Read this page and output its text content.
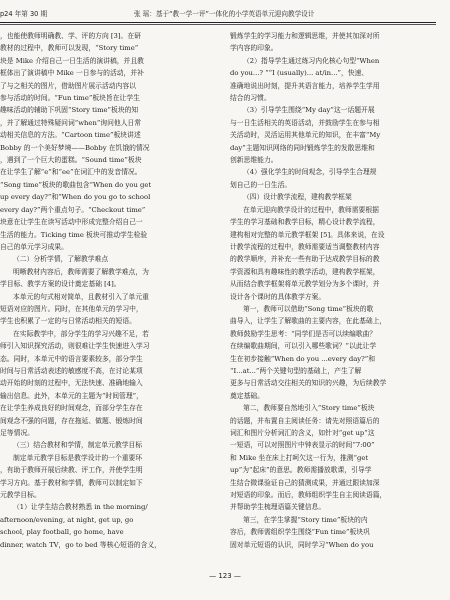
p24 年第 30 期	张 瑶：基于“教一学一评”一体化的小学英语单元迎向教学设计

，也能使教师明确教、学、评的方向 [3]。在研

教材的过程中，教师可以发现，“Story time”

块是 Mike 介绍自己一日生活的演讲稿，并且教

框体出了演讲稿中 Mike 一日参与的活动，并补

了与之相关的图片，借助图片展示活动内容以

参与活动的时间。“Fun time”板块旨在让学生

趣味活动的辅助下巩固“Story time”板块的知

，并了解通过特殊疑问词“when”询问他人日常

动相关信息的方法。“Cartoon time”板块讲述

Bobby 的一个美好梦境——Bobby 在饥饿的情况

，遇到了一个巨大的蛋糕。“Sound time”板块

在让学生了解“e”和“ee”在词汇中的发音情况。

“Song time”板块的歌曲包含“When do you get

up every day?”和“When do you go to school

every day?”两个重点句子。“Checkout time”

块意在让学生在读写活动中形成完整介绍自己一

生活的能力。Ticking time 板块可推动学生检验

自己的单元学习成果。

（二）分析学情，了解教学难点

明晰教材内容后，教师需要了解教学难点，为

学目标、教学方案的设计奠定基础 [4]。

本单元的句式相对简单，且教材引入了单元重

短语对应的图片。同时，在其他单元的学习中，

学生也积累了一定的与日常活动相关的短语。

在实际教学中，部分学生的学习兴趣不足，若

师引入知识探究活动，则很难让学生快速进入学习

态。同时，本单元中的语言要素较多，部分学生

时间与日常活动表述的敏感度不高，在讨论某项

动开始的时刻的过程中，无法快速、准确地输入

输出信息。此外，本单元的主题为“时间管理”，

在让学生养成良好的时间观念，而部分学生存在

间观念不强的问题，存在拖延、做题、锻炼时间

足等情况。

（三）结合教材和学情，制定单元教学目标

制定单元教学目标是教学设计的一个重要环

，有助于教师开展后续教、评工作，并使学生明

学习方向。基于教材和学情，教师可以制定如下

元教学目标。

（1）让学生结合教材熟悉 in the morning/

afternoon/evening, at night, get up, go

school, play football, go home, have

dinner, watch TV，go to bed 等核心短语的含义，

锻炼学生的学习能力和逻辑思维，并使其加深对所

学内容的印象。

（2）指导学生通过练习内化核心句型“When

do you...? ”“I (usually)... at/in...”，快速、

准确地说出时刻，提升其语言能力，培养学生学用

结合的习惯。

（3）引导学生围绕“My day”这一话题开展

与一日生活相关的英语活动，并鼓励学生在参与相

关活动时，灵活运用其他单元的知识，在丰富“My

day”主题知识网络的同时锻炼学生的发散思维和

创新思维能力。

（4）强化学生的时间观念，引导学生合理规

划自己的一日生活。

（四）设计教学流程，建构教学框架

在单元迎向教学设计的过程中，教师需要根据

学生的学习基础和教学目标，精心设计教学流程，

建构相对完整的单元教学框架 [5]。具体来说，在设

计教学流程的过程中，教师需要适当调整教材内容

的教学顺序，并补充一些有助于达成教学目标的教

学资源和具有趣味性的教学活动，建构教学框架，

从而结合教学框架将单元教学划分为多个课时，并

设计各个课时的具体教学方案。

第一，教师可以借助“Song time”板块的歌

曲导入，让学生了解歌曲的主要内容，在此基础上，

教师鼓励学生思考：“同学们是否可以续编歌曲？

在续编歌曲期间，可以引入哪些歌词？”以此让学

生在初步接触“When do you ...every day?”和

“I...at...”两个关键句型的基础上，产生了解

更多与日常活动交往相关的知识的兴趣，为后续教学

奠定基础。

第二，教师要自然地引入“Story time”板块

的话题，并布置自主阅读任务：请先对照语篇后的

词汇和图片分析词汇的含义，如针对“get up”这

一短语，可以对照图片中钟表显示的时间“7:00”

和 Mike 坐在床上打呵欠这一行为，推测“get

up”为“起床”的意思。教师需播放歌课，引导学

生结合微课验证自己的猜测成果，并通过跟读加深

对短语的印象。而后，教师组织学生自主阅读语篇，

并帮助学生梳理语篇关键信息。

第三，在学生掌握“Story time”板块的内

容后，教师需组织学生围绕“Fun time”板块巩

固对单元短语的认识，同时学习“When do you

— 123 —
